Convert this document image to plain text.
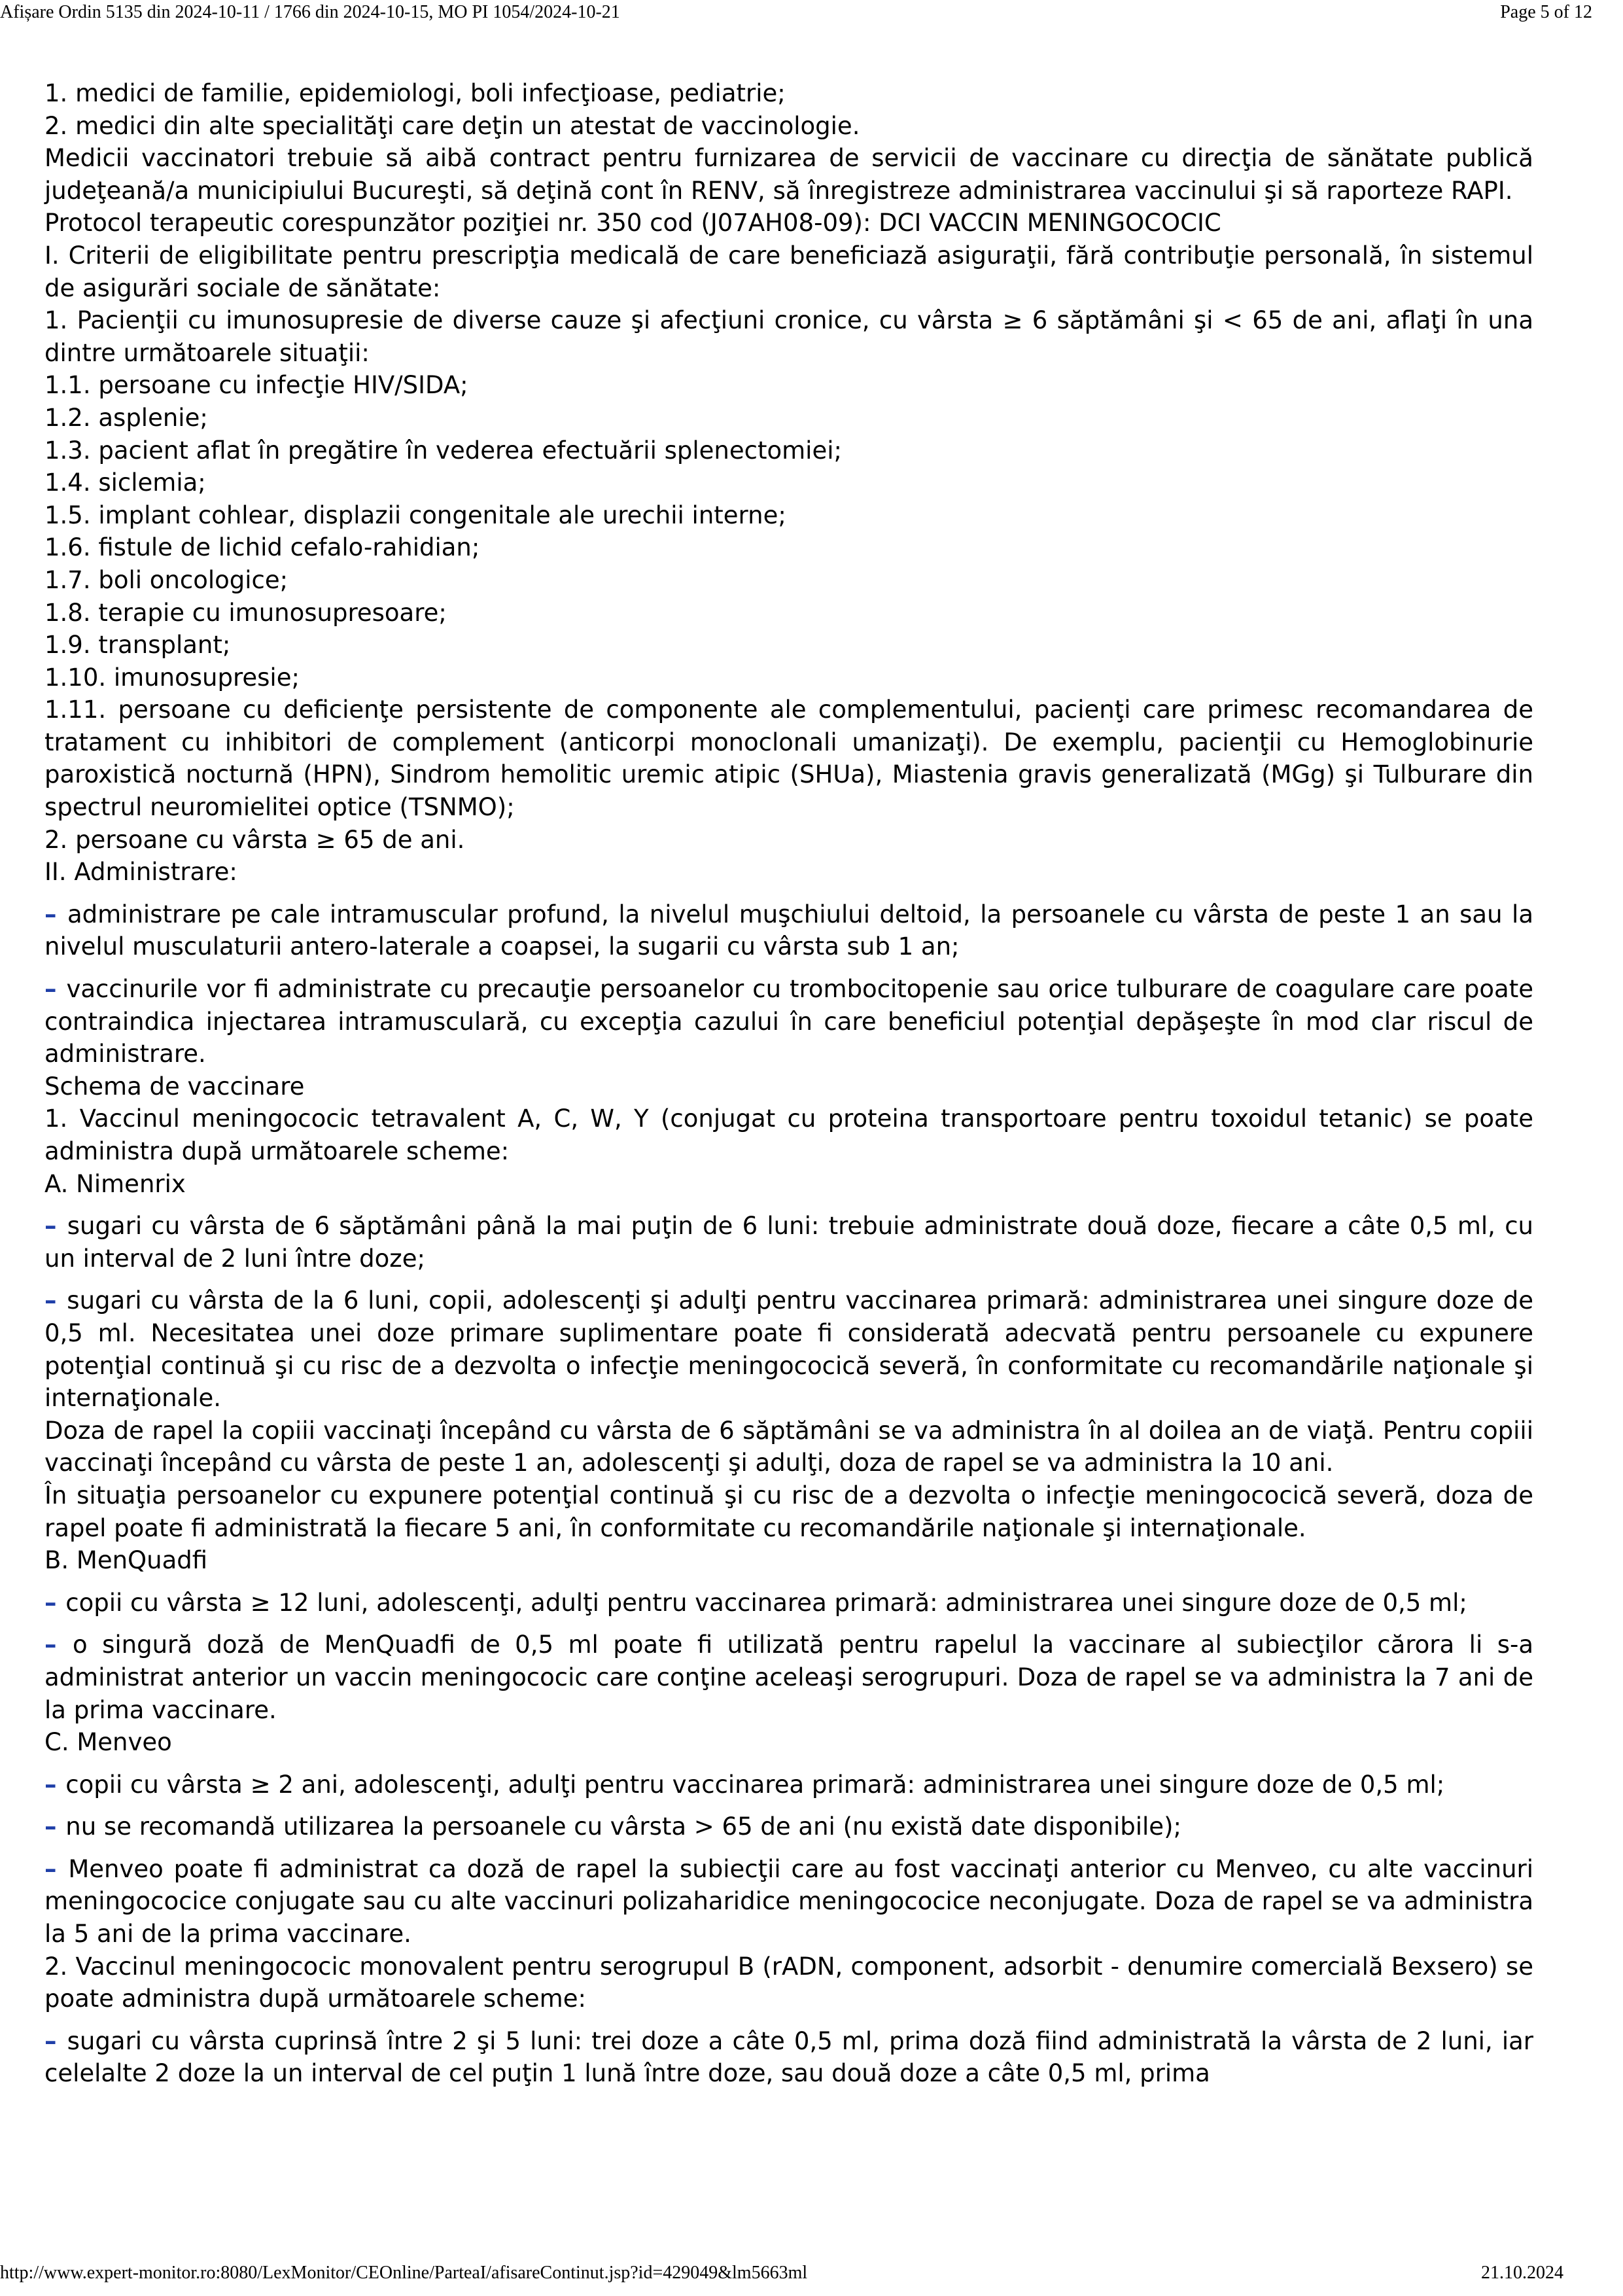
Afișare Ordin 5135 din 2024-10-11 / 1766 din 2024-10-15, MO PI 1054/2024-10-21	Page 5 of 12

1. medici de familie, epidemiologi, boli infecţioase, pediatrie;

2. medici din alte specialităţi care deţin un atestat de vaccinologie.

Medicii vaccinatori trebuie să aibă contract pentru furnizarea de servicii de vaccinare cu direcţia de sănătate publică judeţeană/a municipiului Bucureşti, să deţină cont în RENV, să înregistreze administrarea vaccinului şi să raporteze RAPI.

Protocol terapeutic corespunzător poziţiei nr. 350 cod (J07AH08-09): DCI VACCIN MENINGOCOCIC

I. Criterii de eligibilitate pentru prescripţia medicală de care beneficiază asiguraţii, fără contribuţie personală, în sistemul de asigurări sociale de sănătate:

1. Pacienţii cu imunosupresie de diverse cauze şi afecţiuni cronice, cu vârsta ≥ 6 săptămâni şi < 65 de ani, aflaţi în una dintre următoarele situaţii:

1.1. persoane cu infecţie HIV/SIDA;

1.2. asplenie;

1.3. pacient aflat în pregătire în vederea efectuării splenectomiei;

1.4. siclemia;

1.5. implant cohlear, displazii congenitale ale urechii interne;

1.6. fistule de lichid cefalo-rahidian;

1.7. boli oncologice;

1.8. terapie cu imunosupresoare;

1.9. transplant;

1.10. imunosupresie;

1.11. persoane cu deficienţe persistente de componente ale complementului, pacienţi care primesc recomandarea de tratament cu inhibitori de complement (anticorpi monoclonali umanizaţi). De exemplu, pacienţii cu Hemoglobinurie paroxistică nocturnă (HPN), Sindrom hemolitic uremic atipic (SHUa), Miastenia gravis generalizată (MGg) şi Tulburare din spectrul neuromielitei optice (TSNMO);

2. persoane cu vârsta ≥ 65 de ani.

II. Administrare:

– administrare pe cale intramuscular profund, la nivelul muşchiului deltoid, la persoanele cu vârsta de peste 1 an sau la nivelul musculaturii antero-laterale a coapsei, la sugarii cu vârsta sub 1 an;

– vaccinurile vor fi administrate cu precauţie persoanelor cu trombocitopenie sau orice tulburare de coagulare care poate contraindica injectarea intramusculară, cu excepţia cazului în care beneficiul potenţial depăşeşte în mod clar riscul de administrare.

Schema de vaccinare

1. Vaccinul meningococic tetravalent A, C, W, Y (conjugat cu proteina transportoare pentru toxoidul tetanic) se poate administra după următoarele scheme:

A. Nimenrix

– sugari cu vârsta de 6 săptămâni până la mai puţin de 6 luni: trebuie administrate două doze, fiecare a câte 0,5 ml, cu un interval de 2 luni între doze;

– sugari cu vârsta de la 6 luni, copii, adolescenţi şi adulţi pentru vaccinarea primară: administrarea unei singure doze de 0,5 ml. Necesitatea unei doze primare suplimentare poate fi considerată adecvată pentru persoanele cu expunere potenţial continuă şi cu risc de a dezvolta o infecţie meningococică severă, în conformitate cu recomandările naţionale şi internaţionale.

Doza de rapel la copiii vaccinaţi începând cu vârsta de 6 săptămâni se va administra în al doilea an de viaţă. Pentru copiii vaccinaţi începând cu vârsta de peste 1 an, adolescenţi şi adulţi, doza de rapel se va administra la 10 ani.

În situaţia persoanelor cu expunere potenţial continuă şi cu risc de a dezvolta o infecţie meningococică severă, doza de rapel poate fi administrată la fiecare 5 ani, în conformitate cu recomandările naţionale şi internaţionale.

B. MenQuadfi

– copii cu vârsta ≥ 12 luni, adolescenţi, adulţi pentru vaccinarea primară: administrarea unei singure doze de 0,5 ml;

– o singură doză de MenQuadfi de 0,5 ml poate fi utilizată pentru rapelul la vaccinare al subiecţilor cărora li s-a administrat anterior un vaccin meningococic care conţine aceleaşi serogrupuri. Doza de rapel se va administra la 7 ani de la prima vaccinare.

C. Menveo

– copii cu vârsta ≥ 2 ani, adolescenţi, adulţi pentru vaccinarea primară: administrarea unei singure doze de 0,5 ml;

– nu se recomandă utilizarea la persoanele cu vârsta > 65 de ani (nu există date disponibile);

– Menveo poate fi administrat ca doză de rapel la subiecţii care au fost vaccinaţi anterior cu Menveo, cu alte vaccinuri meningococice conjugate sau cu alte vaccinuri polizaharidice meningococice neconjugate. Doza de rapel se va administra la 5 ani de la prima vaccinare.

2. Vaccinul meningococic monovalent pentru serogrupul B (rADN, component, adsorbit - denumire comercială Bexsero) se poate administra după următoarele scheme:

– sugari cu vârsta cuprinsă între 2 şi 5 luni: trei doze a câte 0,5 ml, prima doză fiind administrată la vârsta de 2 luni, iar celelalte 2 doze la un interval de cel puţin 1 lună între doze, sau două doze a câte 0,5 ml, prima

http://www.expert-monitor.ro:8080/LexMonitor/CEOnline/ParteaI/afisareContinut.jsp?id=429049&lm5663ml	21.10.2024
